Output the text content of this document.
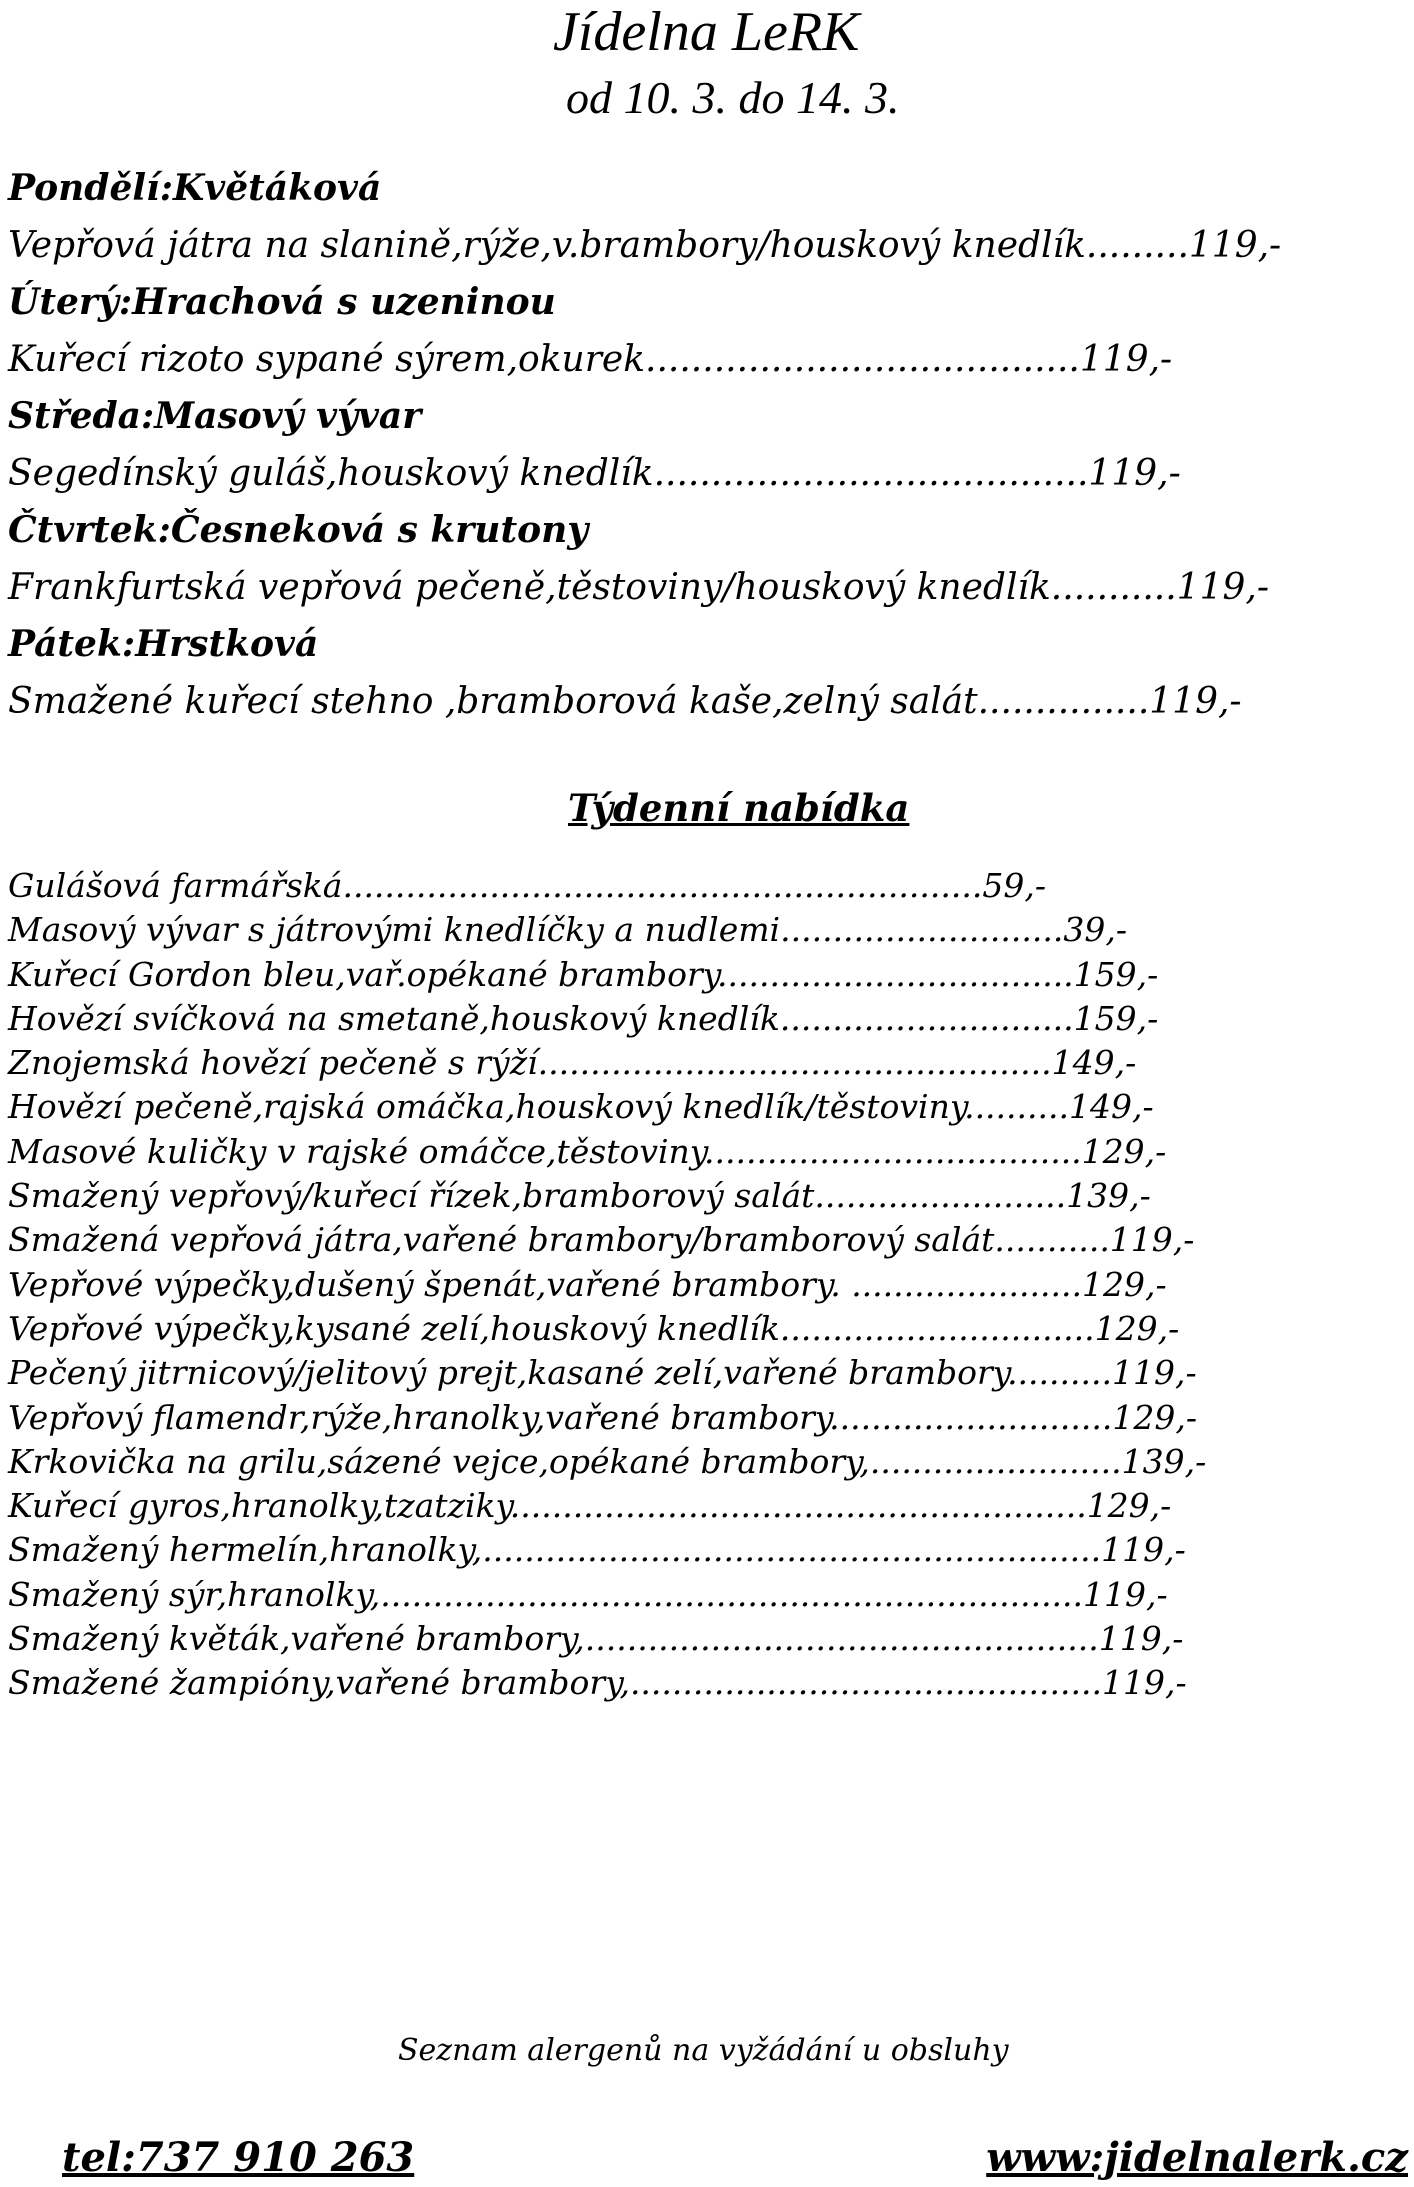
Jídelna LeRK
od 10. 3. do 14. 3.
Pondělí:Květáková
Vepřová játra na slanině,rýže,v.brambory/houskový knedlík.........119,-
Úterý:Hrachová s uzeninou
Kuřecí rizoto sypané sýrem,okurek......................................119,-
Středa:Masový vývar
Segedínský guláš,houskový knedlík......................................119,-
Čtvrtek:Česneková s krutony
Frankfurtská vepřová pečeně,těstoviny/houskový knedlík...........119,-
Pátek:Hrstková
Smažené kuřecí stehno ,bramborová kaše,zelný salát...............119,-
Týdenní nabídka
Gulášová farmářská.............................................................59,-
Masový vývar s játrovými knedlíčky a nudlemi...........................39,-
Kuřecí Gordon bleu,vař.opékané brambory..................................159,-
Hovězí svíčková na smetaně,houskový knedlík............................159,-
Znojemská hovězí pečeně s rýží.................................................149,-
Hovězí pečeně,rajská omáčka,houskový knedlík/těstoviny..........149,-
Masové kuličky v rajské omáčce,těstoviny....................................129,-
Smažený vepřový/kuřecí řízek,bramborový salát........................139,-
Smažená vepřová játra,vařené brambory/bramborový salát...........119,-
Vepřové výpečky,dušený špenát,vařené brambory. ......................129,-
Vepřové výpečky,kysané zelí,houskový knedlík..............................129,-
Pečený jitrnicový/jelitový prejt,kasané zelí,vařené brambory..........119,-
Vepřový flamendr,rýže,hranolky,vařené brambory...........................129,-
Krkovička na grilu,sázené vejce,opékané brambory,........................139,-
Kuřecí gyros,hranolky,tzatziky.......................................................129,-
Smažený hermelín,hranolky,...........................................................119,-
Smažený sýr,hranolky,...................................................................119,-
Smažený květák,vařené brambory,.................................................119,-
Smažené žampióny,vařené brambory,.............................................119,-
Seznam alergenů na vyžádání u obsluhy
tel:737 910 263	www:jidelnalerk.cz
